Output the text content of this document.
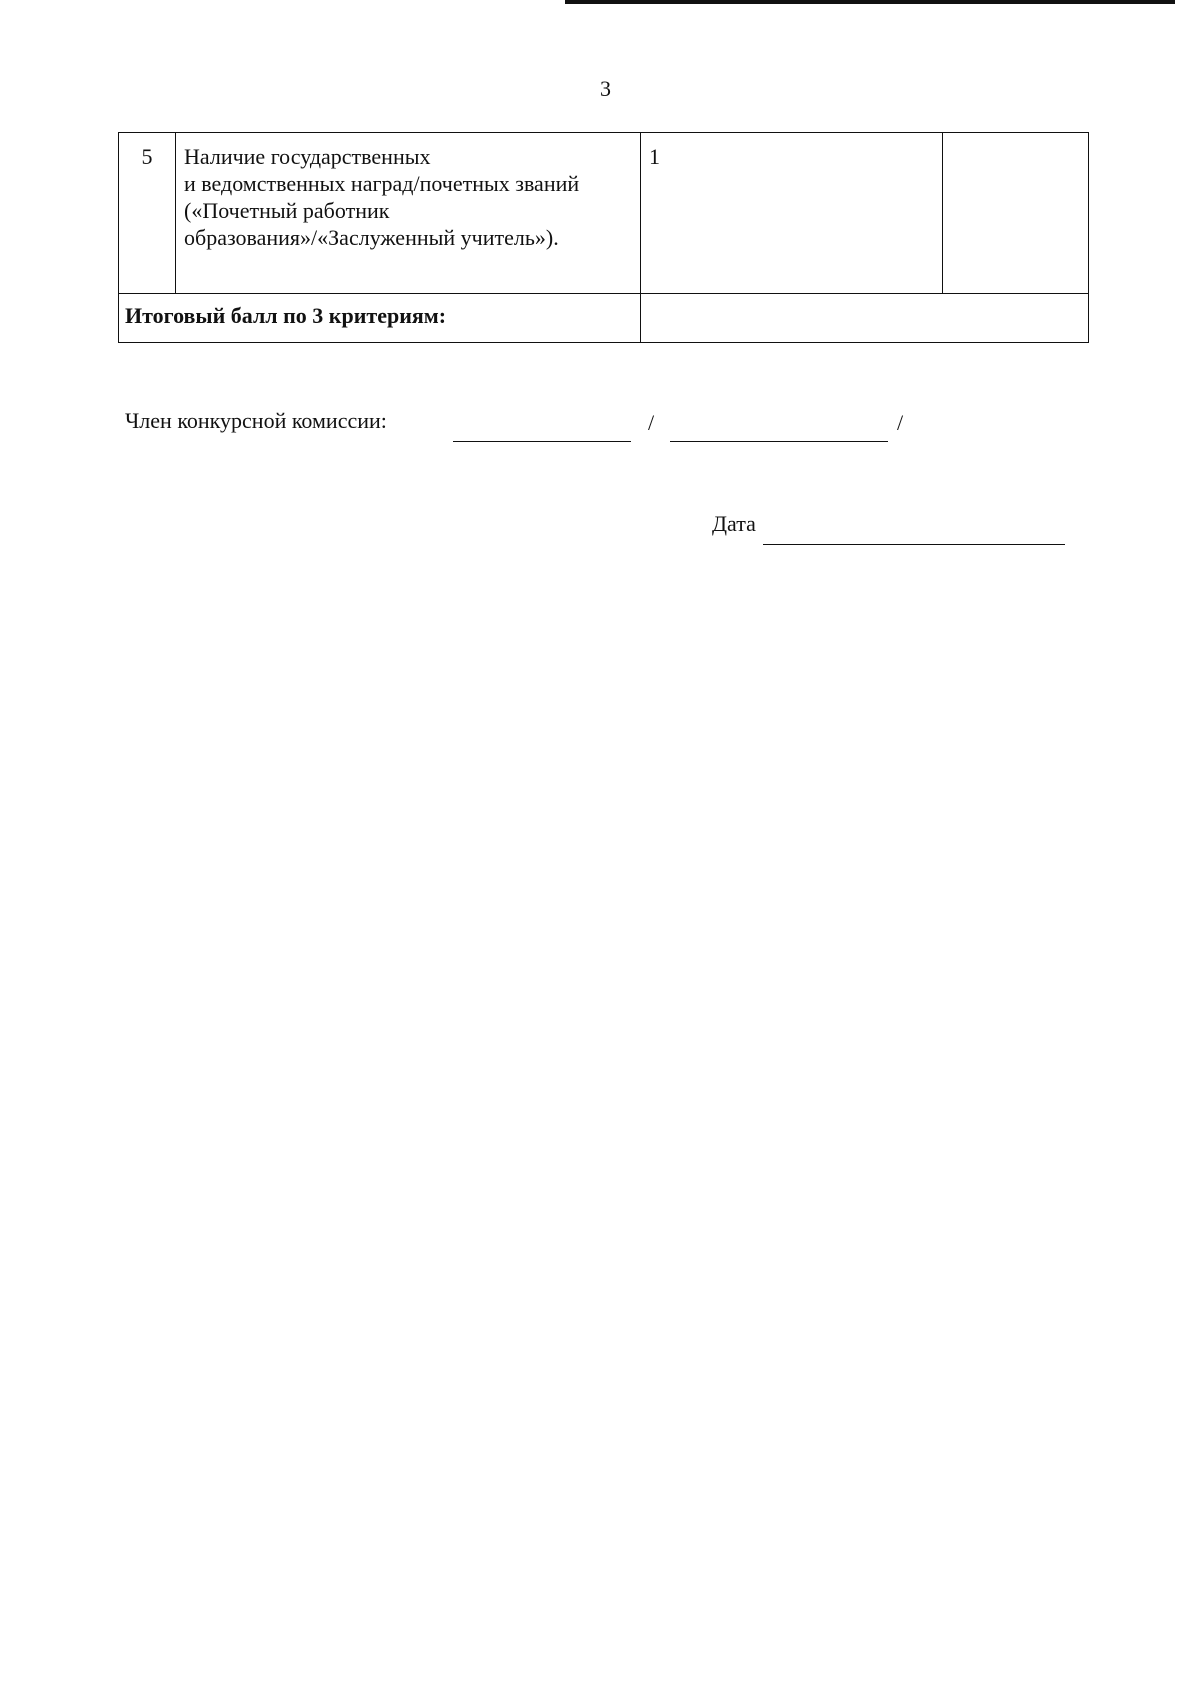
3
5	Наличие государственных
и ведомственных наград/почетных званий
(«Почетный работник
образования»/«Заслуженный учитель»).	1	
Итоговый балл по 3 критериям:			
Член конкурсной комиссии:	/	/
Дата
